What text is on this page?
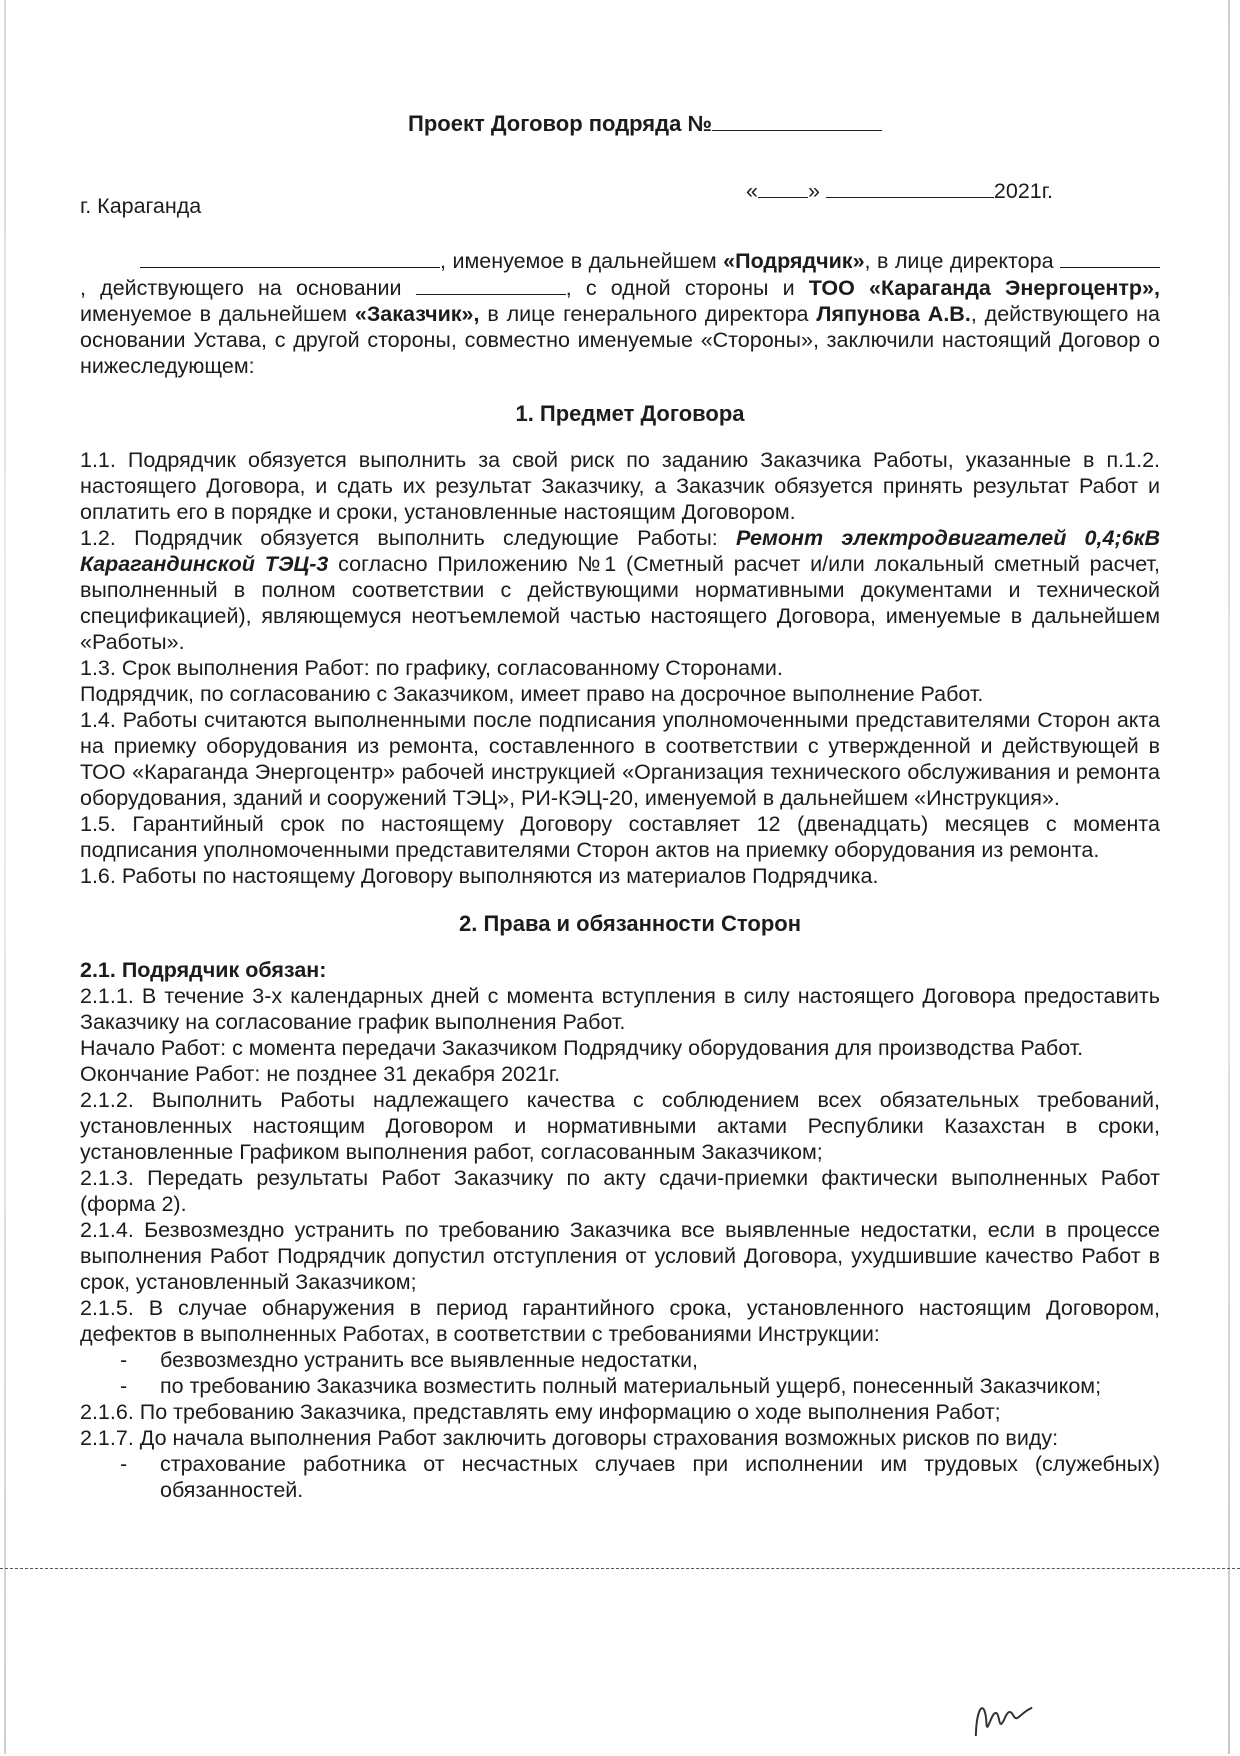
Проект Договор подряда №
г. Караганда
« »	2021г.

, именуемое в дальнейшем «Подрядчик», в лице директора , действующего на основании	, с одной стороны и ТОО «Караганда Энергоцентр», именуемое в дальнейшем «Заказчик», в лице генерального директора Ляпунова А.В., действующего на основании Устава, с другой стороны, совместно именуемые «Стороны», заключили настоящий Договор о нижеследующем:

1. Предмет Договора

1.1. Подрядчик обязуется выполнить за свой риск по заданию Заказчика Работы, указанные в п.1.2. настоящего Договора, и сдать их результат Заказчику, а Заказчик обязуется принять результат Работ и оплатить его в порядке и сроки, установленные настоящим Договором.

1.2. Подрядчик обязуется выполнить следующие Работы: Ремонт электродвигателей 0,4;6кВ Карагандинской ТЭЦ-3 согласно Приложению №1 (Сметный расчет и/или локальный сметный расчет, выполненный в полном соответствии с действующими нормативными документами и технической спецификацией), являющемуся неотъемлемой частью настоящего Договора, именуемые в дальнейшем «Работы».

1.3. Срок выполнения Работ: по графику, согласованному Сторонами.

Подрядчик, по согласованию с Заказчиком, имеет право на досрочное выполнение Работ.

1.4. Работы считаются выполненными после подписания уполномоченными представителями Сторон акта на приемку оборудования из ремонта, составленного в соответствии с утвержденной и действующей в ТОО «Караганда Энергоцентр» рабочей инструкцией «Организация технического обслуживания и ремонта оборудования, зданий и сооружений ТЭЦ», РИ-КЭЦ-20, именуемой в дальнейшем «Инструкция».

1.5. Гарантийный срок по настоящему Договору составляет 12 (двенадцать) месяцев с момента подписания уполномоченными представителями Сторон актов на приемку оборудования из ремонта.

1.6. Работы по настоящему Договору выполняются из материалов Подрядчика.

2. Права и обязанности Сторон

2.1. Подрядчик обязан:

2.1.1. В течение 3-х календарных дней с момента вступления в силу настоящего Договора предоставить Заказчику на согласование график выполнения Работ.

Начало Работ: с момента передачи Заказчиком Подрядчику оборудования для производства Работ.

Окончание Работ: не позднее 31 декабря 2021г.

2.1.2. Выполнить Работы надлежащего качества с соблюдением всех обязательных требований, установленных настоящим Договором и нормативными актами Республики Казахстан в сроки, установленные Графиком выполнения работ, согласованным Заказчиком;

2.1.3. Передать результаты Работ Заказчику по акту сдачи-приемки фактически выполненных Работ (форма 2).

2.1.4. Безвозмездно устранить по требованию Заказчика все выявленные недостатки, если в процессе выполнения Работ Подрядчик допустил отступления от условий Договора, ухудшившие качество Работ в срок, установленный Заказчиком;

2.1.5. В случае обнаружения в период гарантийного срока, установленного настоящим Договором, дефектов в выполненных Работах, в соответствии с требованиями Инструкции:

- безвозмездно устранить все выявленные недостатки,
- по требованию Заказчика возместить полный материальный ущерб, понесенный Заказчиком;

2.1.6. По требованию Заказчика, представлять ему информацию о ходе выполнения Работ;

2.1.7. До начала выполнения Работ заключить договоры страхования возможных рисков по виду:

- страхование работника от несчастных случаев при исполнении им трудовых (служебных) обязанностей.
